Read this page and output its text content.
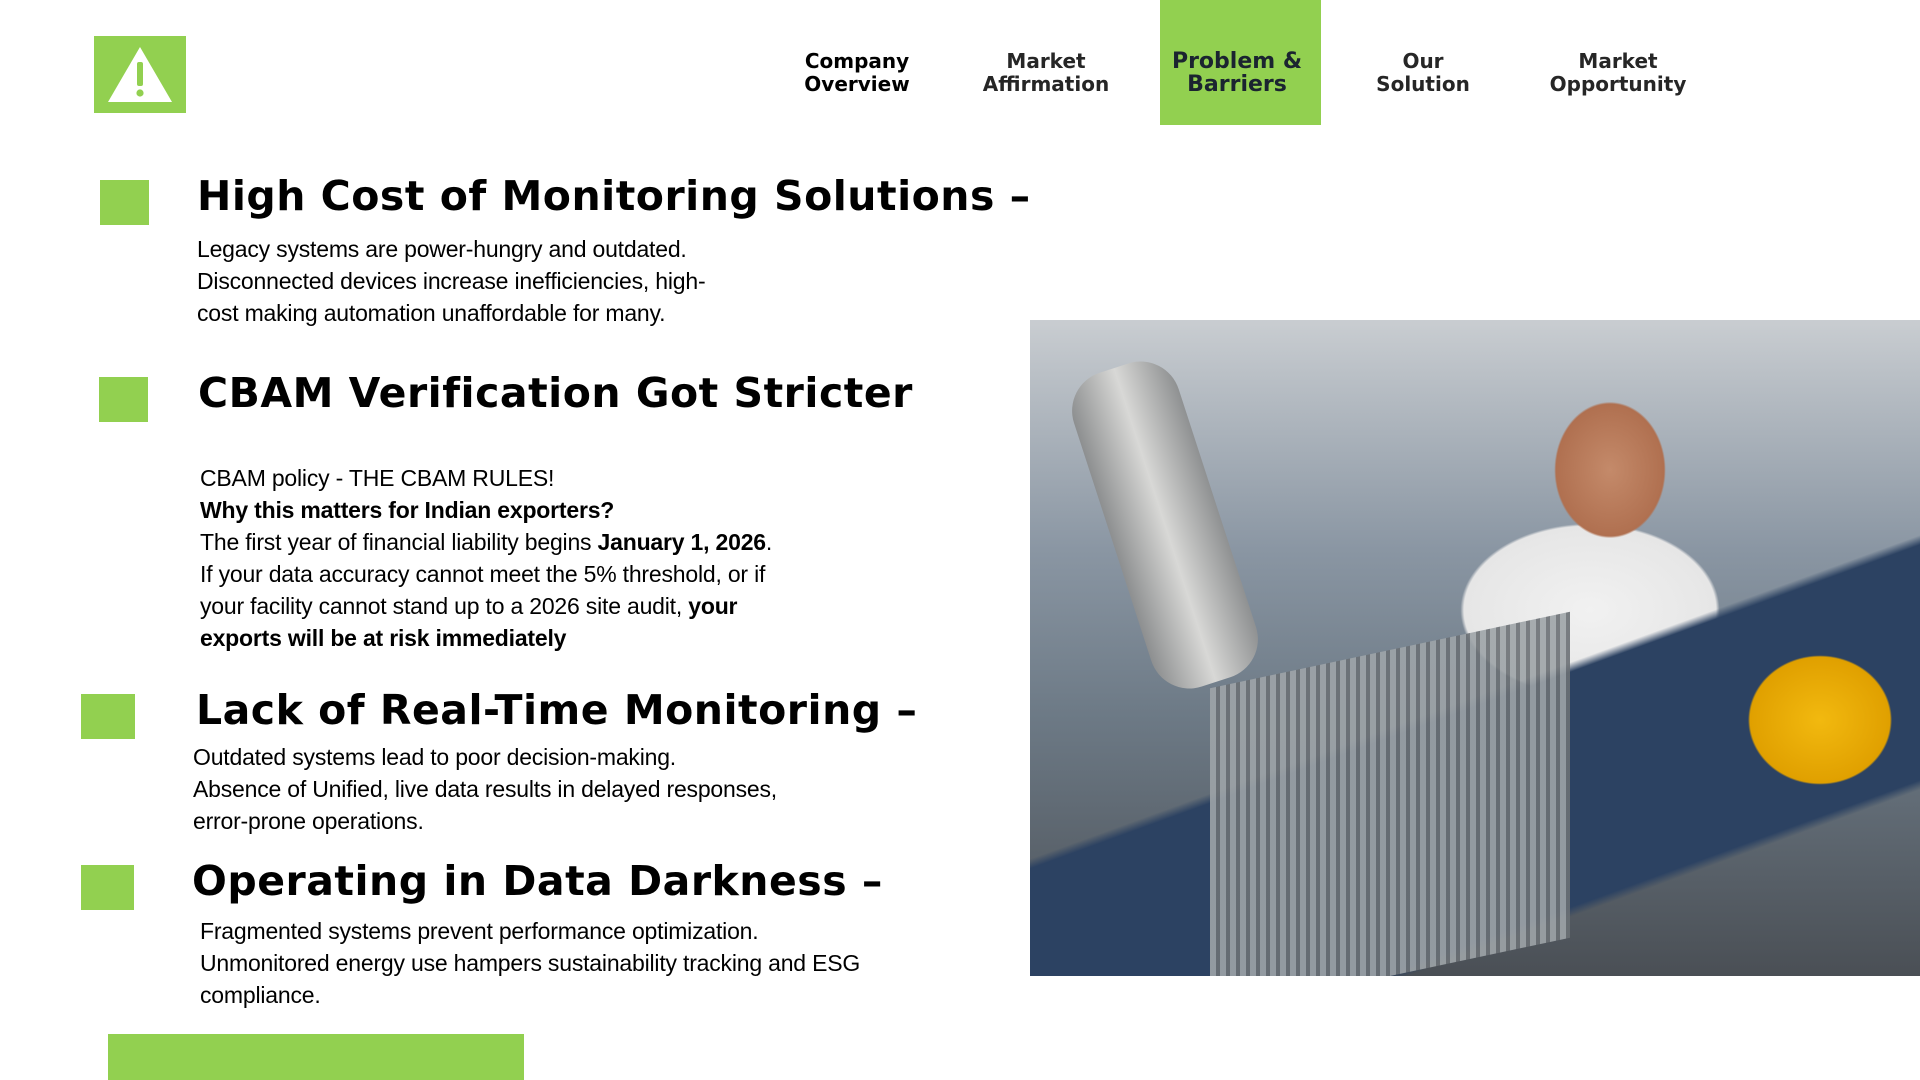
Company
Overview
Market
Affirmation
Problem &
Barriers
Our
Solution
Market
Opportunity
High Cost of Monitoring Solutions –
Legacy systems are power-hungry and outdated.
Disconnected devices increase inefficiencies, high-
cost making automation unaffordable for many.
CBAM Verification Got Stricter
CBAM policy - THE CBAM RULES!
Why this matters for Indian exporters?
The first year of financial liability begins January 1, 2026.
If your data accuracy cannot meet the 5% threshold, or if
your facility cannot stand up to a 2026 site audit, your
exports will be at risk immediately
Lack of Real-Time Monitoring –
Outdated systems lead to poor decision-making.
Absence of Unified, live data results in delayed responses,
error-prone operations.
Operating in Data Darkness –
Fragmented systems prevent performance optimization.
Unmonitored energy use hampers sustainability tracking and ESG
compliance.
